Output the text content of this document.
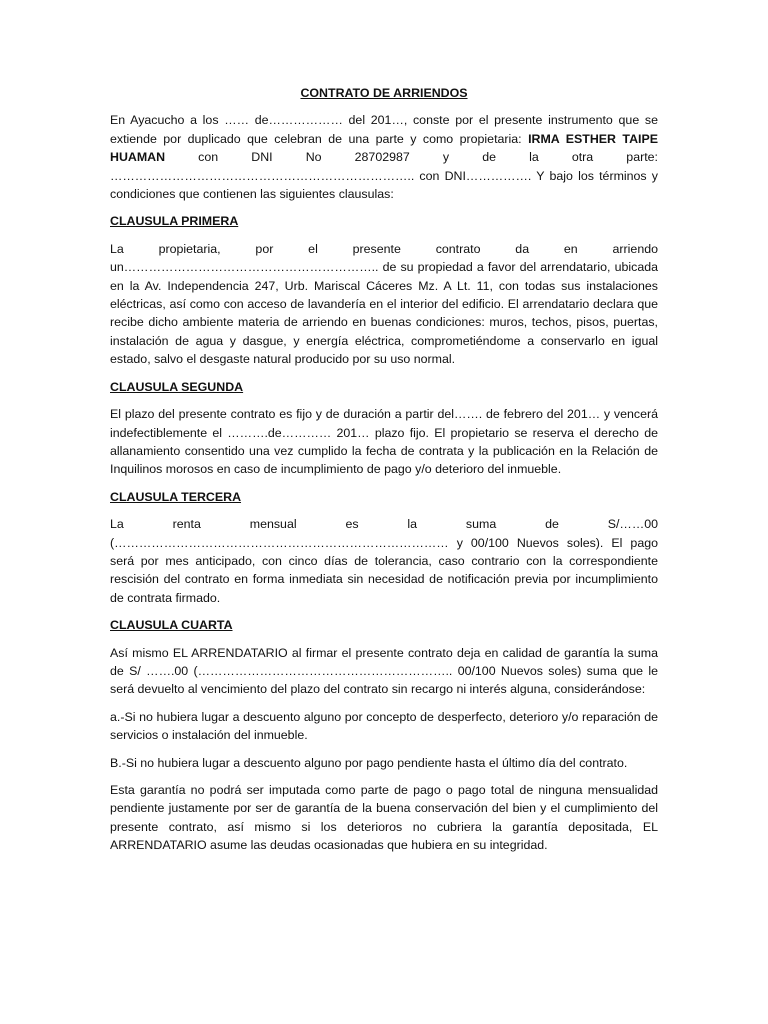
CONTRATO DE ARRIENDOS

En Ayacucho a los …… de……………… del 201…, conste por el presente instrumento que se extiende por duplicado que celebran de una parte y como propietaria: IRMA ESTHER TAIPE HUAMAN con DNI No 28702987 y de la otra parte: ……………………………………………………………….. con DNI……………. Y bajo los términos y condiciones que contienen las siguientes clausulas:

CLAUSULA PRIMERA

La propietaria, por el presente contrato da en arriendo un…………………………………………………….. de su propiedad a favor del arrendatario, ubicada en la Av. Independencia 247, Urb. Mariscal Cáceres Mz. A Lt. 11, con todas sus instalaciones eléctricas, así como con acceso de lavandería en el interior del edificio. El arrendatario declara que recibe dicho ambiente materia de arriendo en buenas condiciones: muros, techos, pisos, puertas, instalación de agua y dasgue, y energía eléctrica, comprometiéndome a conservarlo en igual estado, salvo el desgaste natural producido por su uso normal.

CLAUSULA SEGUNDA

El plazo del presente contrato es fijo y de duración a partir del……. de febrero del 201… y vencerá indefectiblemente el ……….de………… 201… plazo fijo. El propietario se reserva el derecho de allanamiento consentido una vez cumplido la fecha de contrata y la publicación en la Relación de Inquilinos morosos en caso de incumplimiento de pago y/o deterioro del inmueble.

CLAUSULA TERCERA

La renta mensual es la suma de S/……00 (……………………………………………………………………… y 00/100 Nuevos soles). El pago será por mes anticipado, con cinco días de tolerancia, caso contrario con la correspondiente rescisión del contrato en forma inmediata sin necesidad de notificación previa por incumplimiento de contrata firmado.

CLAUSULA CUARTA

Así mismo EL ARRENDATARIO al firmar el presente contrato deja en calidad de garantía la suma de S/ …….00 (…………………………………………………….. 00/100 Nuevos soles) suma que le será devuelto al vencimiento del plazo del contrato sin recargo ni interés alguna, considerándose:

a.-Si no hubiera lugar a descuento alguno por concepto de desperfecto, deterioro y/o reparación de servicios o instalación del inmueble.

B.-Si no hubiera lugar a descuento alguno por pago pendiente hasta el último día del contrato.

Esta garantía no podrá ser imputada como parte de pago o pago total de ninguna mensualidad pendiente justamente por ser de garantía de la buena conservación del bien y el cumplimiento del presente contrato, así mismo si los deterioros no cubriera la garantía depositada, EL ARRENDATARIO asume las deudas ocasionadas que hubiera en su integridad.
